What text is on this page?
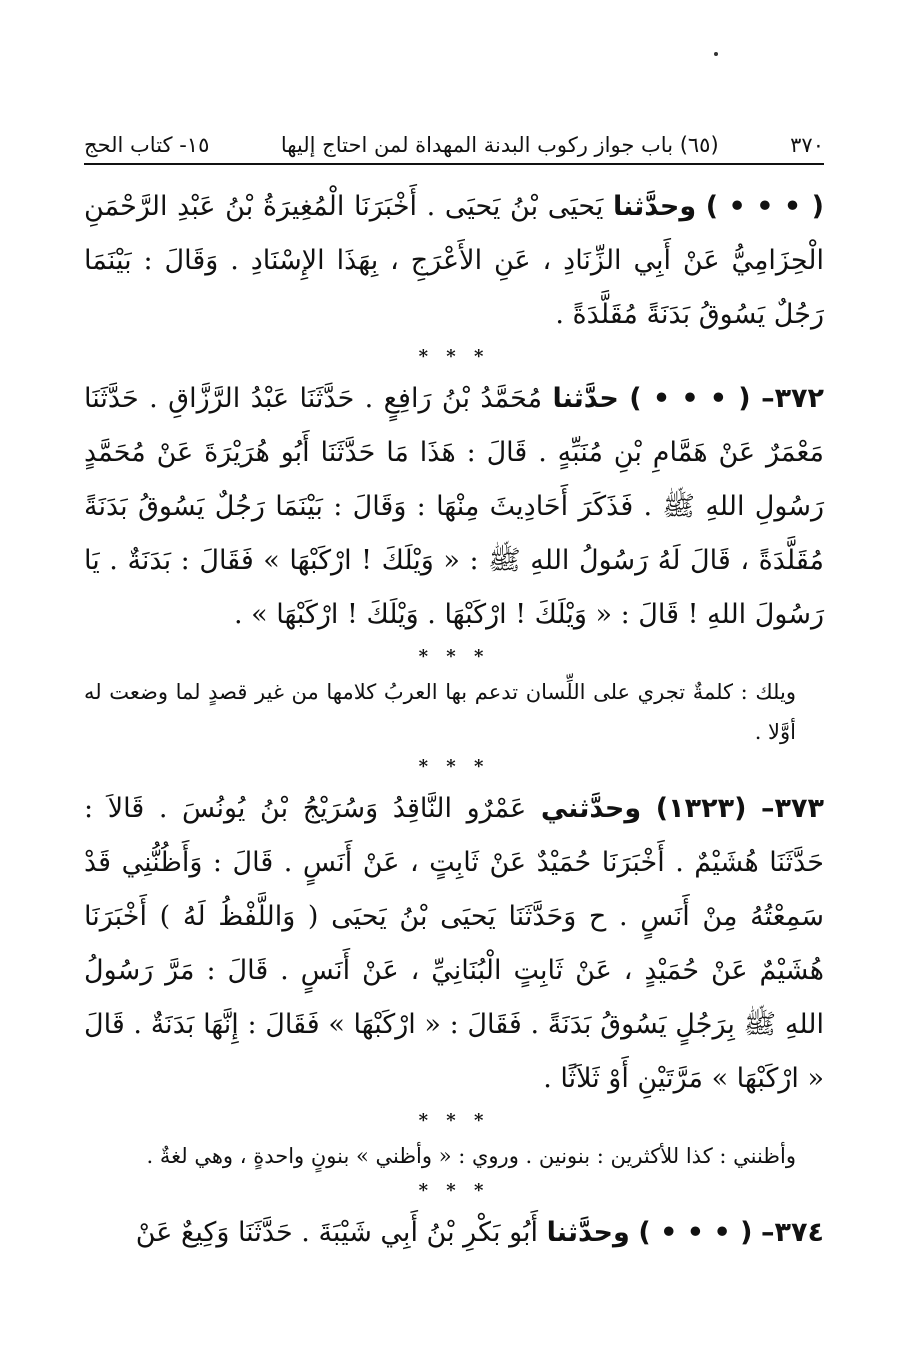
٣٧٠
(٦٥) باب جواز ركوب البدنة المهداة لمن احتاج إليها
١٥- كتاب الحج

( • • • ) وحدَّثنا يَحيَى بْنُ يَحيَى . أَخْبَرَنَا الْمُغِيرَةُ بْنُ عَبْدِ الرَّحْمَنِ الْحِزَامِيُّ عَنْ أَبِي الزِّنَادِ ، عَنِ الأَعْرَجِ ، بِهَذَا الإِسْنَادِ . وَقَالَ : بَيْنَمَا رَجُلٌ يَسُوقُ بَدَنَةً مُقَلَّدَةً .

* * *

٣٧٢– ( • • • ) حدَّثنا مُحَمَّدُ بْنُ رَافِعٍ . حَدَّثَنَا عَبْدُ الرَّزَّاقِ . حَدَّثَنَا مَعْمَرٌ عَنْ هَمَّامِ بْنِ مُنَبِّهٍ . قَالَ : هَذَا مَا حَدَّثَنَا أَبُو هُرَيْرَةَ عَنْ مُحَمَّدٍ رَسُولِ اللهِ ﷺ . فَذَكَرَ أَحَادِيثَ مِنْهَا : وَقَالَ : بَيْنَمَا رَجُلٌ يَسُوقُ بَدَنَةً مُقَلَّدَةً ، قَالَ لَهُ رَسُولُ اللهِ ﷺ : « وَيْلَكَ ! ارْكَبْهَا » فَقَالَ : بَدَنَةٌ . يَا رَسُولَ اللهِ ! قَالَ : « وَيْلَكَ ! ارْكَبْهَا . وَيْلَكَ ! ارْكَبْهَا » .

* * *

ويلك : كلمةٌ تجري على اللِّسان تدعم بها العربُ كلامها من غير قصدٍ لما وضعت له أوَّلا .

* * *

٣٧٣– (١٣٢٣) وحدَّثني عَمْرٌو النَّاقِدُ وَسُرَيْجُ بْنُ يُونُسَ . قَالاَ : حَدَّثَنَا هُشَيْمٌ . أَخْبَرَنَا حُمَيْدٌ عَنْ ثَابِتٍ ، عَنْ أَنَسٍ . قَالَ : وَأَظُنُّنِي قَدْ سَمِعْتُهُ مِنْ أَنَسٍ . ح وَحَدَّثَنَا يَحيَى بْنُ يَحيَى ( وَاللَّفْظُ لَهُ ) أَخْبَرَنَا هُشَيْمٌ عَنْ حُمَيْدٍ ، عَنْ ثَابِتٍ الْبُنَانِيِّ ، عَنْ أَنَسٍ . قَالَ : مَرَّ رَسُولُ اللهِ ﷺ بِرَجُلٍ يَسُوقُ بَدَنَةً . فَقَالَ : « ارْكَبْهَا » فَقَالَ : إِنَّهَا بَدَنَةٌ . قَالَ « ارْكَبْهَا » مَرَّتَيْنِ أَوْ ثَلاَثًا .

* * *

وأظنني : كذا للأكثرين : بنونين . وروي : « وأظني » بنونٍ واحدةٍ ، وهي لغةٌ .

* * *

٣٧٤– ( • • • ) وحدَّثنا أَبُو بَكْرِ بْنُ أَبِي شَيْبَةَ . حَدَّثَنَا وَكِيعٌ عَنْ
